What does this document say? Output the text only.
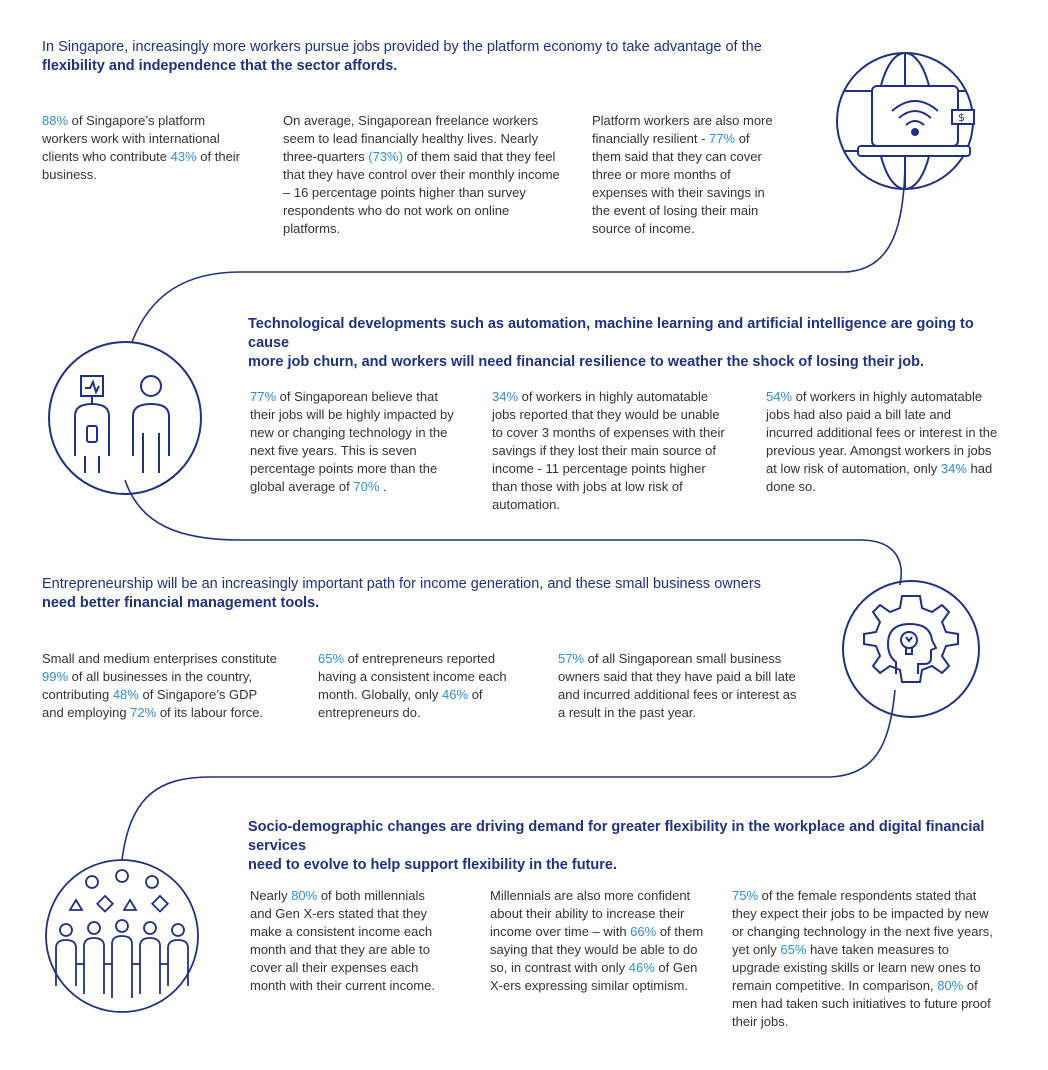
In Singapore, increasingly more workers pursue jobs provided by the platform economy to take advantage of the
flexibility and independence that the sector affords.

88% of Singapore’s platform workers work with international clients who contribute 43% of their business.

On average, Singaporean freelance workers seem to lead financially healthy lives. Nearly three-quarters (73%) of them said that they feel that they have control over their monthly income – 16 percentage points higher than survey respondents who do not work on online platforms.

Platform workers are also more financially resilient - 77% of them said that they can cover three or more months of expenses with their savings in the event of losing their main source of income.

$
Technological developments such as automation, machine learning and artificial intelligence are going to cause
more job churn, and workers will need financial resilience to weather the shock of losing their job.

77% of Singaporean believe that their jobs will be highly impacted by new or changing technology in the next five years. This is seven percentage points more than the global average of 70% .

34% of workers in highly automatable jobs reported that they would be unable to cover 3 months of expenses with their savings if they lost their main source of income - 11 percentage points higher than those with jobs at low risk of automation.

54% of workers in highly automatable jobs had also paid a bill late and incurred additional fees or interest in the previous year. Amongst workers in jobs at low risk of automation, only 34% had done so.

Entrepreneurship will be an increasingly important path for income generation, and these small business owners
need better financial management tools.

Small and medium enterprises constitute 99% of all businesses in the country, contributing 48% of Singapore’s GDP and employing 72% of its labour force.

65% of entrepreneurs reported having a consistent income each month. Globally, only 46% of entrepreneurs do.

57% of all Singaporean small business owners said that they have paid a bill late and incurred additional fees or interest as a result in the past year.

Socio-demographic changes are driving demand for greater flexibility in the workplace and digital financial services
need to evolve to help support flexibility in the future.

Nearly 80% of both millennials and Gen X-ers stated that they make a consistent income each month and that they are able to cover all their expenses each month with their current income.

Millennials are also more confident about their ability to increase their income over time – with 66% of them saying that they would be able to do so, in contrast with only 46% of Gen X-ers expressing similar optimism.

75% of the female respondents stated that they expect their jobs to be impacted by new or changing technology in the next five years, yet only 65% have taken measures to upgrade existing skills or learn new ones to remain competitive. In comparison, 80% of men had taken such initiatives to future proof their jobs.
